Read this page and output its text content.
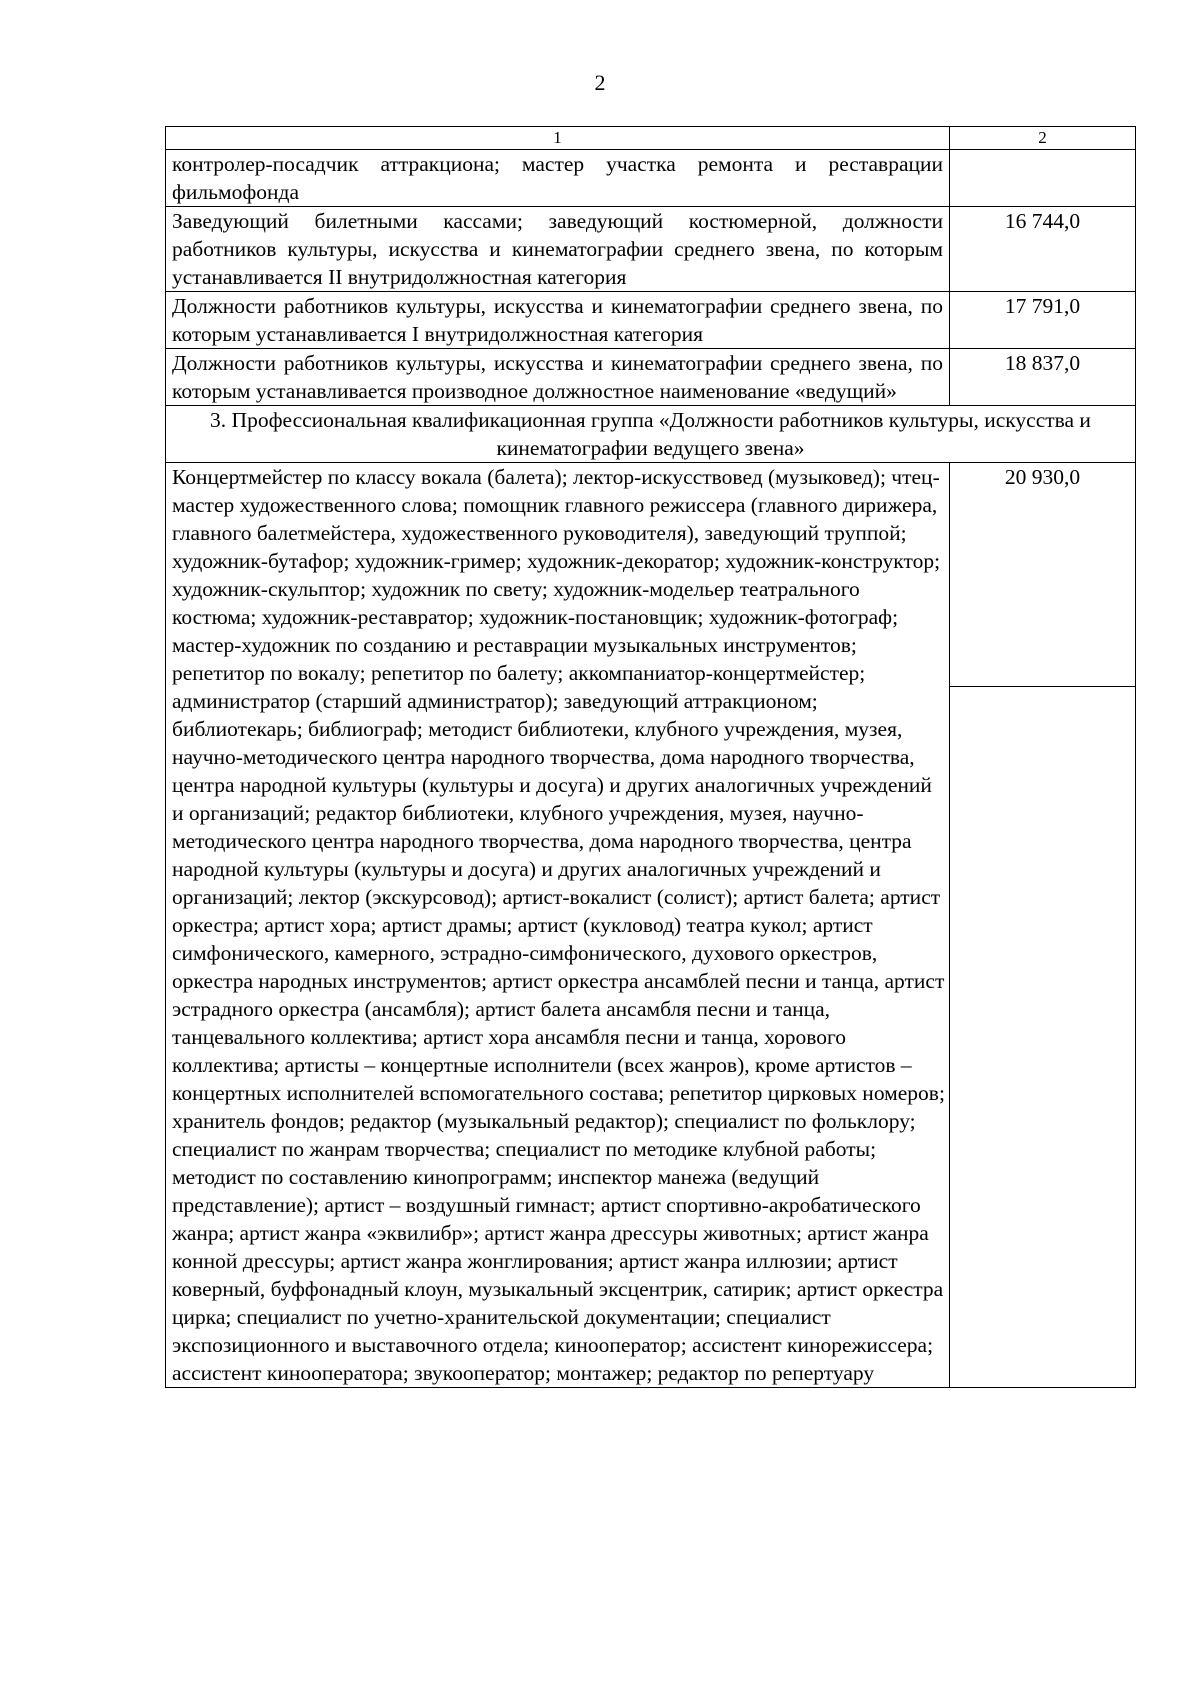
2
1	2
контролер-посадчик аттракциона; мастер участка ремонта и реставрации фильмофонда	
Заведующий билетными кассами; заведующий костюмерной, должности работников культуры, искусства и кинематографии среднего звена, по которым устанавливается II внутридолжностная категория	16 744,0
Должности работников культуры, искусства и кинематографии среднего звена, по которым устанавливается I внутридолжностная категория	17 791,0
Должности работников культуры, искусства и кинематографии среднего звена, по которым устанавливается производное должностное наименование «ведущий»	18 837,0
3. Профессиональная квалификационная группа «Должности работников культуры, искусства и кинематографии ведущего звена»	
Концертмейстер по классу вокала (балета); лектор-искусствовед (музыковед); чтец-мастер художественного слова; помощник главного режиссера (главного дирижера, главного балетмейстера, художественного руководителя), заведующий труппой; художник-бутафор; художник-гример; художник-декоратор; художник-конструктор; художник-скульптор; художник по свету; художник-модельер театрального костюма; художник-реставратор; художник-постановщик; художник-фотограф; мастер-художник по созданию и реставрации музыкальных инструментов; репетитор по вокалу; репетитор по балету; аккомпаниатор-концертмейстер; администратор (старший администратор); заведующий аттракционом; библиотекарь; библиограф; методист библиотеки, клубного учреждения, музея, научно-методического центра народного творчества, дома народного творчества, центра народной культуры (культуры и досуга) и других аналогичных учреждений и организаций; редактор библиотеки, клубного учреждения, музея, научно-методического центра народного творчества, дома народного творчества, центра народной культуры (культуры и досуга) и других аналогичных учреждений и организаций; лектор (экскурсовод); артист-вокалист (солист); артист балета; артист оркестра; артист хора; артист драмы; артист (кукловод) театра кукол; артист симфонического, камерного, эстрадно-симфонического, духового оркестров, оркестра народных инструментов; артист оркестра ансамблей песни и танца, артист эстрадного оркестра (ансамбля); артист балета ансамбля песни и танца, танцевального коллектива; артист хора ансамбля песни и танца, хорового коллектива; артисты – концертные исполнители (всех жанров), кроме артистов – концертных исполнителей вспомогательного состава; репетитор цирковых номеров; хранитель фондов; редактор (музыкальный редактор); специалист по фольклору; специалист по жанрам творчества; специалист по методике клубной работы; методист по составлению кинопрограмм; инспектор манежа (ведущий представление); артист – воздушный гимнаст; артист спортивно-акробатического жанра; артист жанра «эквилибр»; артист жанра дрессуры животных; артист жанра конной дрессуры; артист жанра жонглирования; артист жанра иллюзии; артист коверный, буффонадный клоун, музыкальный эксцентрик, сатирик; артист оркестра цирка; специалист по учетно-хранительской документации; специалист экспозиционного и выставочного отдела; кинооператор; ассистент кинорежиссера; ассистент кинооператора; звукооператор; монтажер; редактор по репертуару	20 930,0
